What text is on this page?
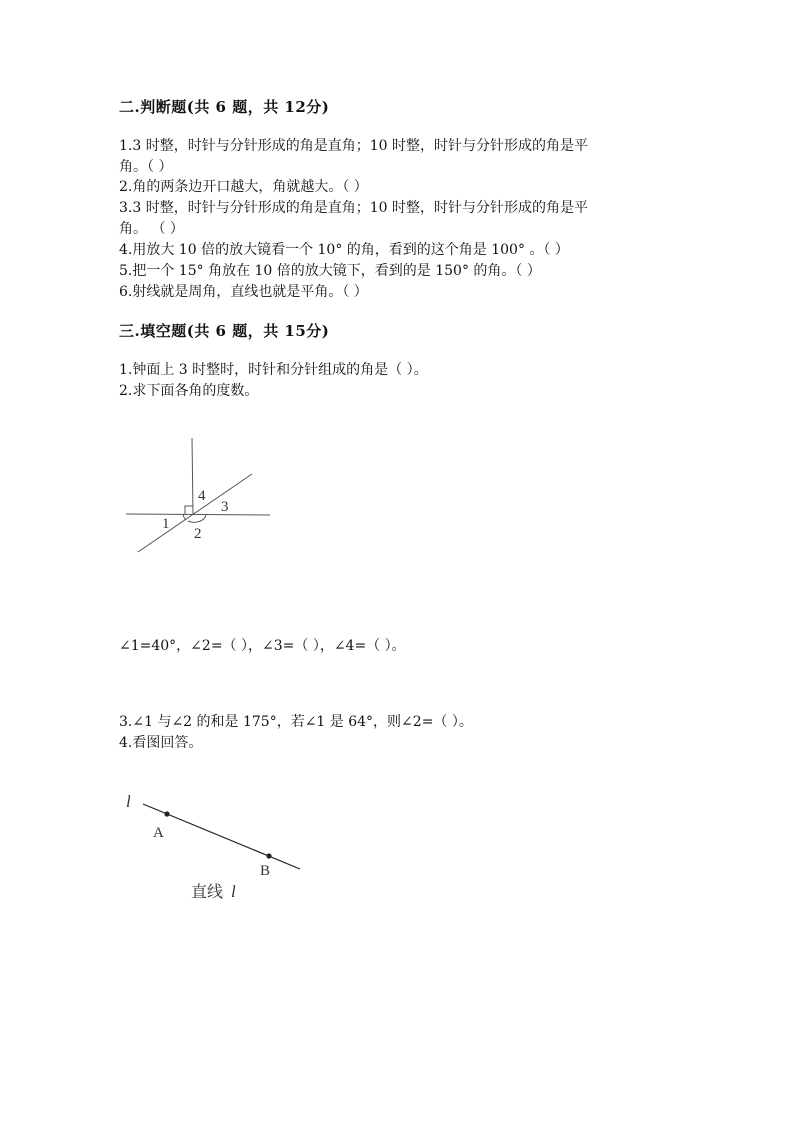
二.判断题(共 6 题，共 12分)
1.3 时整，时针与分针形成的角是直角；10 时整，时针与分针形成的角是平
角。（ ）
2.角的两条边开口越大，角就越大。（ ）
3.3 时整，时针与分针形成的角是直角；10 时整，时针与分针形成的角是平
角。 （ ）
4.用放大 10 倍的放大镜看一个 10° 的角，看到的这个角是 100° 。（ ）
5.把一个 15° 角放在 10 倍的放大镜下，看到的是 150° 的角。（ ）
6.射线就是周角，直线也就是平角。（ ）
三.填空题(共 6 题，共 15分)
1.钟面上 3 时整时，时针和分针组成的角是（ ）。
2.求下面各角的度数。
1
2
3
4
∠1=40°，∠2=（ ），∠3=（ ），∠4=（ ）。
3.∠1 与∠2 的和是 175°，若∠1 是 64°，则∠2=（ ）。
4.看图回答。
l
A
B
直线 l
